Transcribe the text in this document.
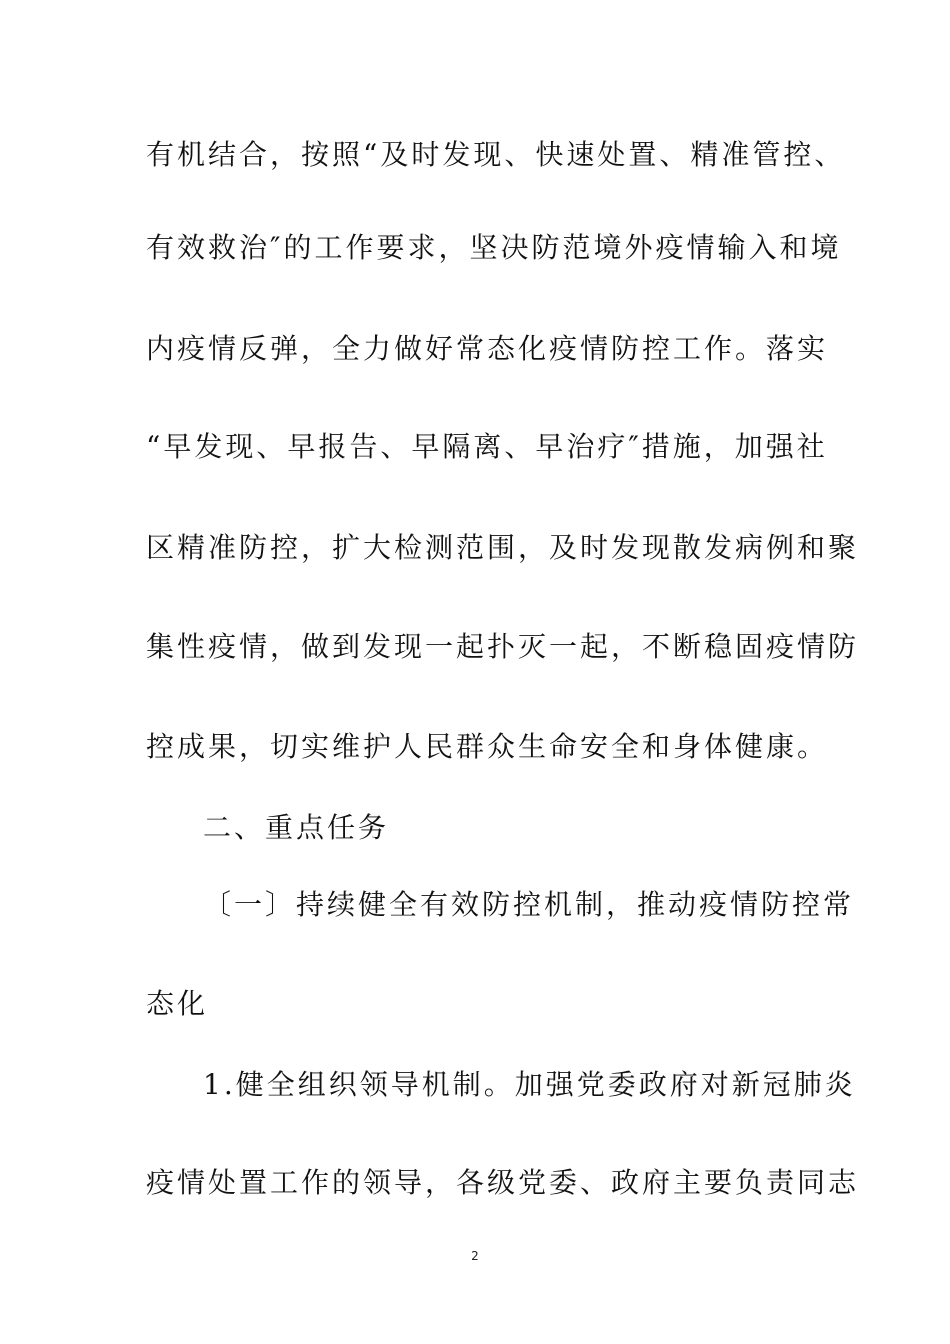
有机结合，按照“及时发现、快速处置、精准管控、
有效救治″的工作要求，坚决防范境外疫情输入和境
内疫情反弹，全力做好常态化疫情防控工作。落实
“早发现、早报告、早隔离、早治疗″措施，加强社
区精准防控，扩大检测范围，及时发现散发病例和聚
集性疫情，做到发现一起扑灭一起，不断稳固疫情防
控成果，切实维护人民群众生命安全和身体健康。
二、重点任务
〔一〕持续健全有效防控机制，推动疫情防控常
态化
1.健全组织领导机制。加强党委政府对新冠肺炎
疫情处置工作的领导，各级党委、政府主要负责同志
2
